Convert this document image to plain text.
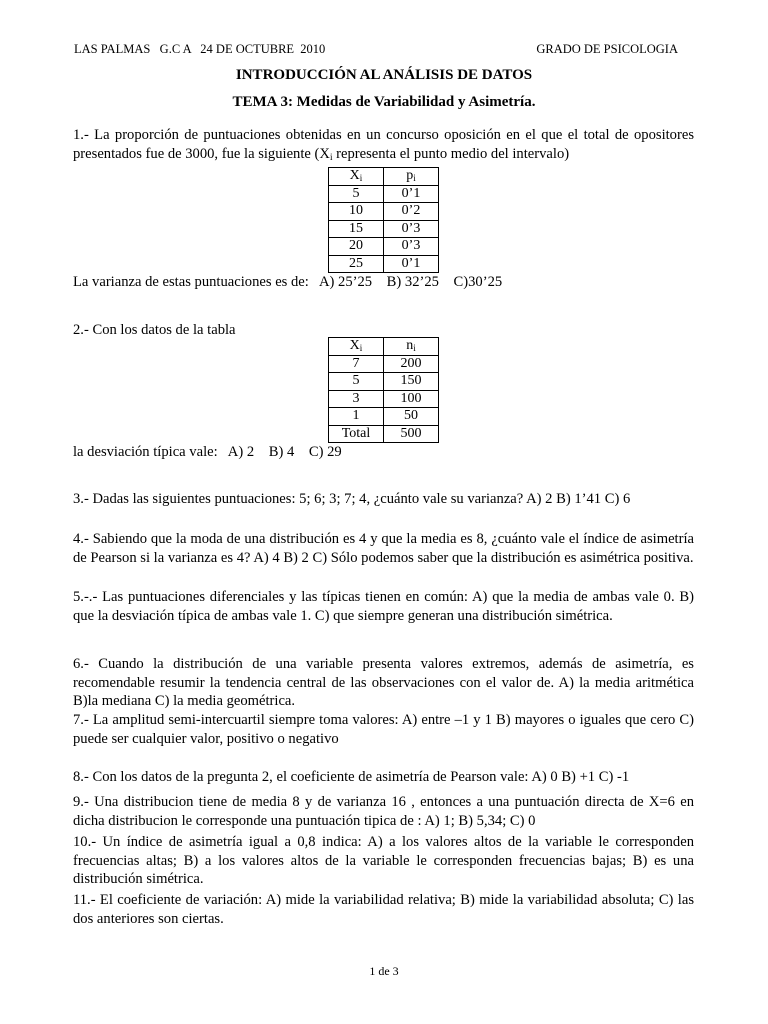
LAS PALMAS   G.C A   24 DE OCTUBRE  2010	GRADO DE PSICOLOGIA
INTRODUCCIÓN AL ANÁLISIS DE DATOS
TEMA 3: Medidas de Variabilidad y Asimetría.
1.- La proporción de puntuaciones obtenidas en un concurso oposición en el que el total de opositores presentados fue de 3000, fue la siguiente ($X_i$ representa el punto medio del intervalo)
$X_i$	$p_i$
5	0’1
10	0’2
15	0’3
20	0’3
25	0’1
La varianza de estas puntuaciones es de:   A) 25’25    B) 32’25    C)30’25
2.- Con los datos de la tabla
$X_i$	$n_i$
7	200
5	150
3	100
1	50
Total	500
la desviación típica vale:   A) 2    B) 4    C) 29
3.- Dadas las siguientes puntuaciones: 5; 6; 3; 7; 4, ¿cuánto vale su varianza? A) 2 B) 1’41 C) 6
4.- Sabiendo que la moda de una distribución es 4 y que la media es 8, ¿cuánto vale el índice de asimetría de Pearson si la varianza es 4? A) 4 B) 2 C) Sólo podemos saber que la distribución es asimétrica positiva.
5.-.- Las puntuaciones diferenciales y las típicas tienen en común: A) que la media de ambas vale 0. B) que la desviación típica de ambas vale 1. C) que siempre generan una distribución simétrica.
6.- Cuando la distribución de una variable presenta valores extremos, además de asimetría, es recomendable resumir la tendencia central de las observaciones con el valor de. A) la media aritmética B)la mediana C) la media geométrica.
7.- La amplitud semi-intercuartil siempre toma valores: A) entre –1 y 1 B) mayores o iguales que cero C) puede ser cualquier valor, positivo o negativo
8.- Con los datos de la pregunta 2, el coeficiente de asimetría de Pearson vale: A) 0 B) +1 C) -1
9.- Una distribucion tiene de media 8 y de varianza 16 , entonces a una puntuación directa de X=6 en dicha distribucion le corresponde una puntuación tipica de : A) 1; B) 5,34; C) 0
10.- Un índice de asimetría igual a 0,8 indica: A) a los valores altos de la variable le corresponden frecuencias altas; B) a los valores altos de la variable le corresponden frecuencias bajas; B) es una distribución simétrica.
11.- El coeficiente de variación: A) mide la variabilidad relativa; B) mide la variabilidad absoluta; C) las dos anteriores son ciertas.
1 de 3
